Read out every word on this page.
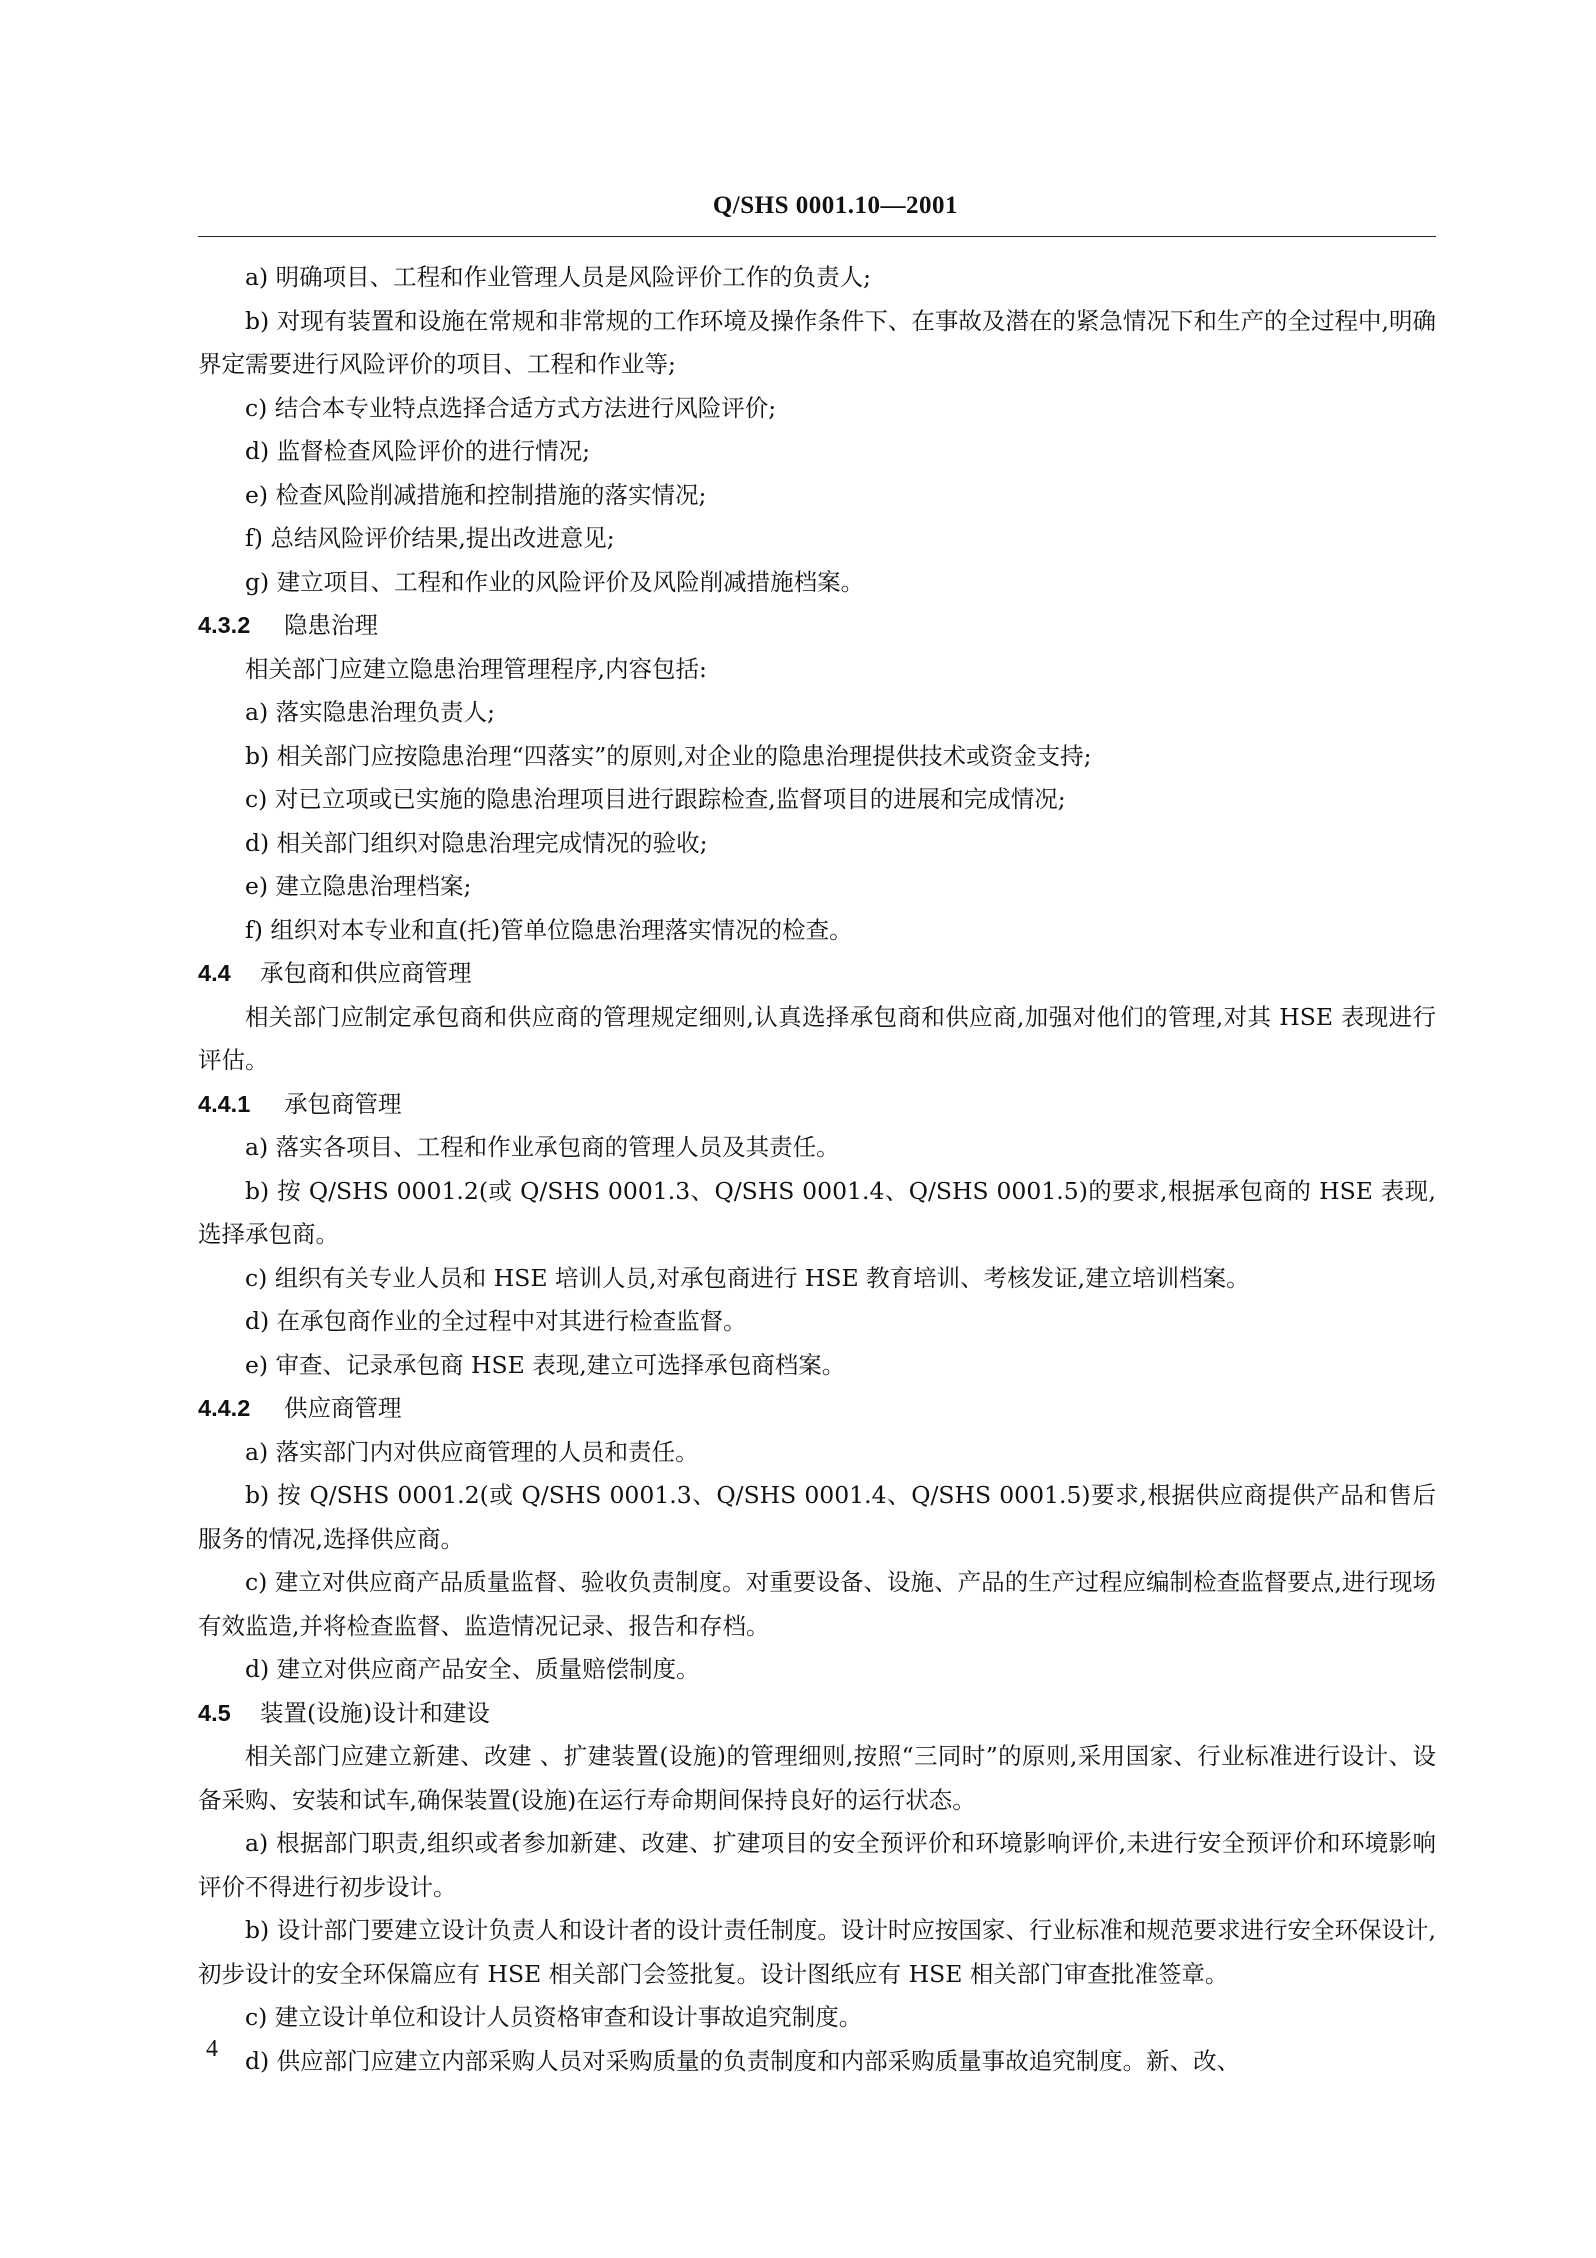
Q/SHS 0001.10—2001

a) 明确项目、工程和作业管理人员是风险评价工作的负责人;

b) 对现有装置和设施在常规和非常规的工作环境及操作条件下、在事故及潜在的紧急情况下和生产的全过程中,明确界定需要进行风险评价的项目、工程和作业等;

c) 结合本专业特点选择合适方式方法进行风险评价;

d) 监督检查风险评价的进行情况;

e) 检查风险削减措施和控制措施的落实情况;

f) 总结风险评价结果,提出改进意见;

g) 建立项目、工程和作业的风险评价及风险削减措施档案。

4.3.2 隐患治理

相关部门应建立隐患治理管理程序,内容包括:

a) 落实隐患治理负责人;

b) 相关部门应按隐患治理“四落实”的原则,对企业的隐患治理提供技术或资金支持;

c) 对已立项或已实施的隐患治理项目进行跟踪检查,监督项目的进展和完成情况;

d) 相关部门组织对隐患治理完成情况的验收;

e) 建立隐患治理档案;

f) 组织对本专业和直(托)管单位隐患治理落实情况的检查。

4.4 承包商和供应商管理

相关部门应制定承包商和供应商的管理规定细则,认真选择承包商和供应商,加强对他们的管理,对其 HSE 表现进行评估。

4.4.1 承包商管理

a) 落实各项目、工程和作业承包商的管理人员及其责任。

b) 按 Q/SHS 0001.2(或 Q/SHS 0001.3、Q/SHS 0001.4、Q/SHS 0001.5)的要求,根据承包商的 HSE 表现,选择承包商。

c) 组织有关专业人员和 HSE 培训人员,对承包商进行 HSE 教育培训、考核发证,建立培训档案。

d) 在承包商作业的全过程中对其进行检查监督。

e) 审查、记录承包商 HSE 表现,建立可选择承包商档案。

4.4.2 供应商管理

a) 落实部门内对供应商管理的人员和责任。

b) 按 Q/SHS 0001.2(或 Q/SHS 0001.3、Q/SHS 0001.4、Q/SHS 0001.5)要求,根据供应商提供产品和售后服务的情况,选择供应商。

c) 建立对供应商产品质量监督、验收负责制度。对重要设备、设施、产品的生产过程应编制检查监督要点,进行现场有效监造,并将检查监督、监造情况记录、报告和存档。

d) 建立对供应商产品安全、质量赔偿制度。

4.5 装置(设施)设计和建设

相关部门应建立新建、改建 、扩建装置(设施)的管理细则,按照“三同时”的原则,采用国家、行业标准进行设计、设备采购、安装和试车,确保装置(设施)在运行寿命期间保持良好的运行状态。

a) 根据部门职责,组织或者参加新建、改建、扩建项目的安全预评价和环境影响评价,未进行安全预评价和环境影响评价不得进行初步设计。

b) 设计部门要建立设计负责人和设计者的设计责任制度。设计时应按国家、行业标准和规范要求进行安全环保设计,初步设计的安全环保篇应有 HSE 相关部门会签批复。设计图纸应有 HSE 相关部门审查批准签章。

c) 建立设计单位和设计人员资格审查和设计事故追究制度。

d) 供应部门应建立内部采购人员对采购质量的负责制度和内部采购质量事故追究制度。新、改、

4
